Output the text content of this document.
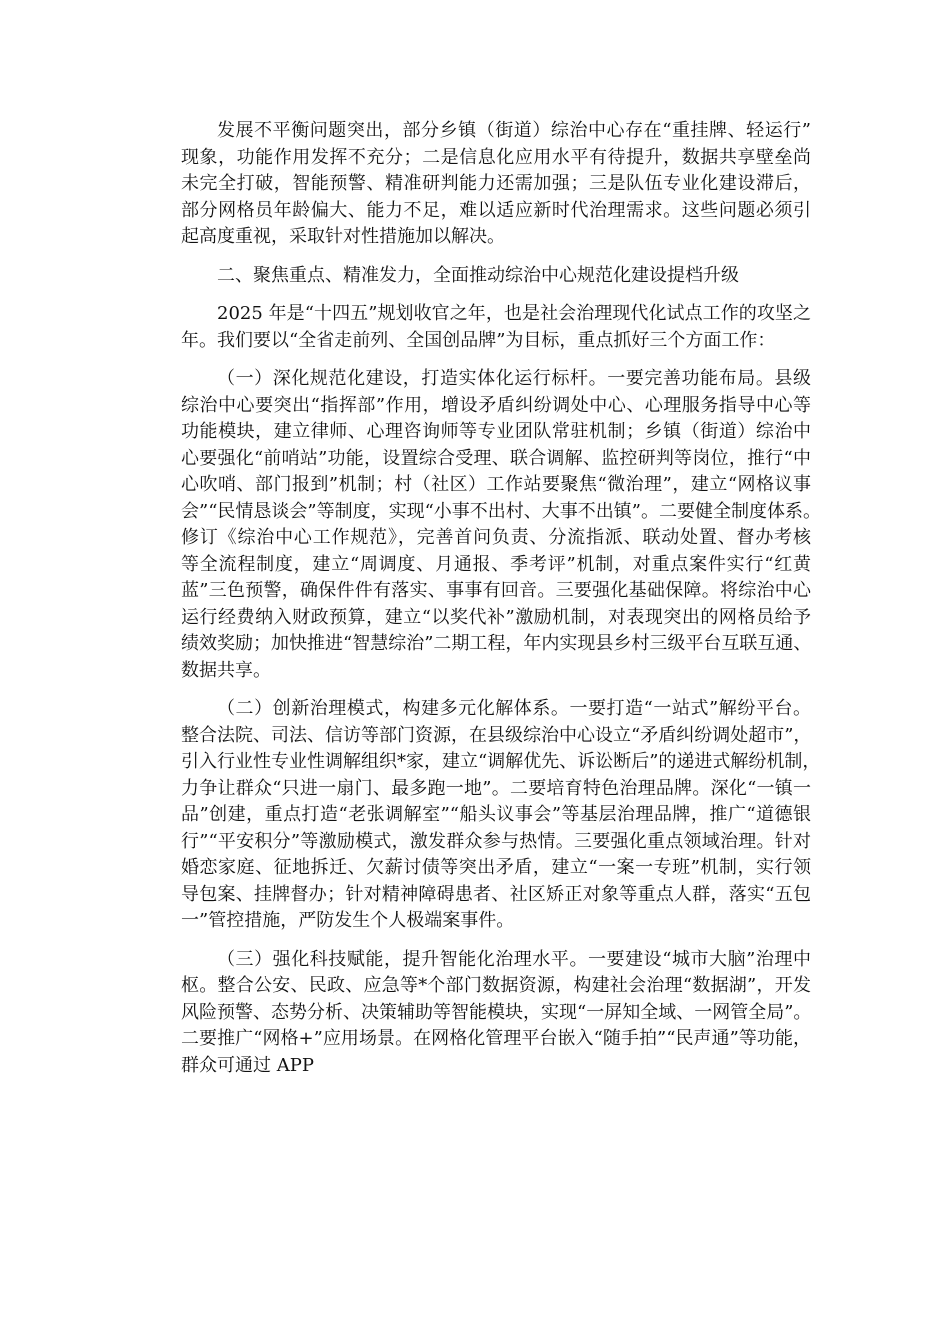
发展不平衡问题突出，部分乡镇（街道）综治中心存在“重挂牌、轻运行”
现象，功能作用发挥不充分；二是信息化应用水平有待提升，数据共享壁垒尚
未完全打破，智能预警、精准研判能力还需加强；三是队伍专业化建设滞后，
部分网格员年龄偏大、能力不足，难以适应新时代治理需求。这些问题必须引
起高度重视，采取针对性措施加以解决。
二、聚焦重点、精准发力，全面推动综治中心规范化建设提档升级
2025 年是“十四五”规划收官之年，也是社会治理现代化试点工作的攻坚之
年。我们要以“全省走前列、全国创品牌”为目标，重点抓好三个方面工作：
（一）深化规范化建设，打造实体化运行标杆。一要完善功能布局。县级
综治中心要突出“指挥部”作用，增设矛盾纠纷调处中心、心理服务指导中心等
功能模块，建立律师、心理咨询师等专业团队常驻机制；乡镇（街道）综治中
心要强化“前哨站”功能，设置综合受理、联合调解、监控研判等岗位，推行“中
心吹哨、部门报到”机制；村（社区）工作站要聚焦“微治理”，建立“网格议事
会”“民情恳谈会”等制度，实现“小事不出村、大事不出镇”。二要健全制度体系。
修订《综治中心工作规范》，完善首问负责、分流指派、联动处置、督办考核
等全流程制度，建立“周调度、月通报、季考评”机制，对重点案件实行“红黄
蓝”三色预警，确保件件有落实、事事有回音。三要强化基础保障。将综治中心
运行经费纳入财政预算，建立“以奖代补”激励机制，对表现突出的网格员给予
绩效奖励；加快推进“智慧综治”二期工程，年内实现县乡村三级平台互联互通、
数据共享。
（二）创新治理模式，构建多元化解体系。一要打造“一站式”解纷平台。
整合法院、司法、信访等部门资源，在县级综治中心设立“矛盾纠纷调处超市”，
引入行业性专业性调解组织*家，建立“调解优先、诉讼断后”的递进式解纷机制，
力争让群众“只进一扇门、最多跑一地”。二要培育特色治理品牌。深化“一镇一
品”创建，重点打造“老张调解室”“船头议事会”等基层治理品牌，推广“道德银
行”“平安积分”等激励模式，激发群众参与热情。三要强化重点领域治理。针对
婚恋家庭、征地拆迁、欠薪讨债等突出矛盾，建立“一案一专班”机制，实行领
导包案、挂牌督办；针对精神障碍患者、社区矫正对象等重点人群，落实“五包
一”管控措施，严防发生个人极端案事件。
（三）强化科技赋能，提升智能化治理水平。一要建设“城市大脑”治理中
枢。整合公安、民政、应急等*个部门数据资源，构建社会治理“数据湖”，开发
风险预警、态势分析、决策辅助等智能模块，实现“一屏知全域、一网管全局”。
二要推广“网格+”应用场景。在网格化管理平台嵌入“随手拍”“民声通”等功能，
群众可通过 APP
